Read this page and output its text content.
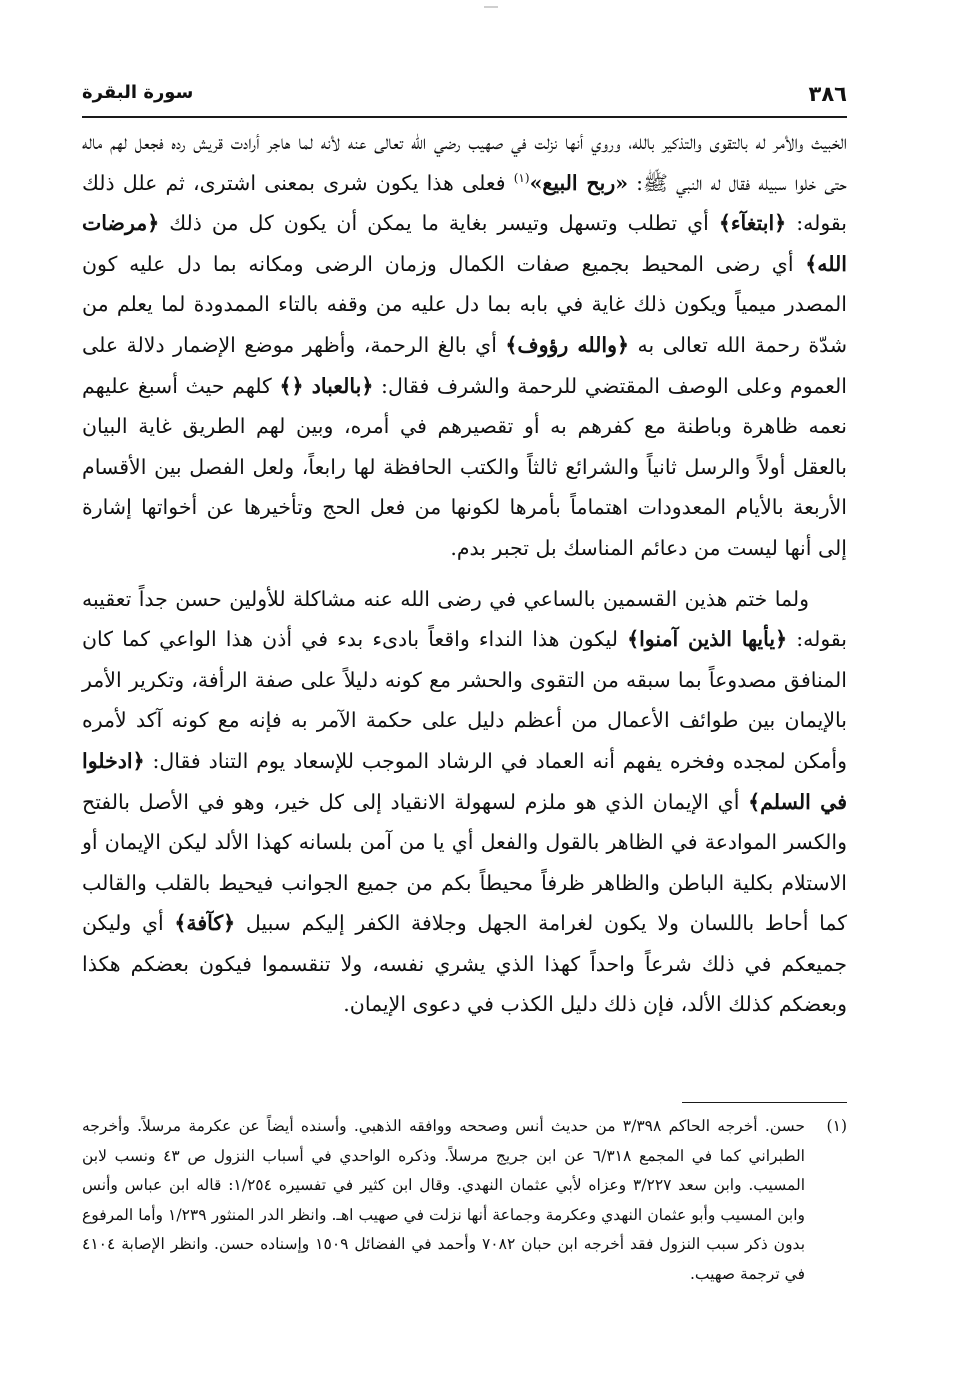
٣٨٦
سورة البقرة

الخبيث والأمر له بالتقوى والتذكير بالله، وروي أنها نزلت في صهيب رضي الله تعالى عنه لأنه لما هاجر أرادت قريش رده فجعل لهم ماله حتى خلوا سبيله فقال له النبي ﷺ: «ربح البيع»$^{(١)}$ فعلى هذا يكون شرى بمعنى اشترى، ثم علل ذلك بقوله: ﴿ابتغآء﴾ أي تطلب وتسهل وتيسر بغاية ما يمكن أن يكون كل من ذلك ﴿مرضات الله﴾ أي رضى المحيط بجميع صفات الكمال وزمان الرضى ومكانه بما دل عليه كون المصدر ميمياً ويكون ذلك غاية في بابه بما دل عليه من وقفه بالتاء الممدودة لما يعلم من شدّة رحمة الله تعالى به ﴿والله رؤوف﴾ أي بالغ الرحمة، وأظهر موضع الإضمار دلالة على العموم وعلى الوصف المقتضي للرحمة والشرف فقال: ﴿بالعباد ﴿﴾ كلهم حيث أسبغ عليهم نعمه ظاهرة وباطنة مع كفرهم به أو تقصيرهم في أمره، وبين لهم الطريق غاية البيان بالعقل أولاً والرسل ثانياً والشرائع ثالثاً والكتب الحافظة لها رابعاً، ولعل الفصل بين الأقسام الأربعة بالأيام المعدودات اهتماماً بأمرها لكونها من فعل الحج وتأخيرها عن أخواتها إشارة إلى أنها ليست من دعائم المناسك بل تجبر بدم.

ولما ختم هذين القسمين بالساعي في رضى الله عنه مشاكلة للأولين حسن جداً تعقيبه بقوله: ﴿يأيها الذين آمنوا﴾ ليكون هذا النداء واقعاً بادىء بدء في أذن هذا الواعي كما كان المنافق مصدوعاً بما سبقه من التقوى والحشر مع كونه دليلاً على صفة الرأفة، وتكرير الأمر بالإيمان بين طوائف الأعمال من أعظم دليل على حكمة الآمر به فإنه مع كونه آكد لأمره وأمكن لمجده وفخره يفهم أنه العماد في الرشاد الموجب للإسعاد يوم التناد فقال: ﴿ادخلوا في السلم﴾ أي الإيمان الذي هو ملزم لسهولة الانقياد إلى كل خير، وهو في الأصل بالفتح والكسر الموادعة في الظاهر بالقول والفعل أي يا من آمن بلسانه كهذا الألد ليكن الإيمان أو الاستلام بكلية الباطن والظاهر ظرفاً محيطاً بكم من جميع الجوانب فيحيط بالقلب والقالب كما أحاط باللسان ولا يكون لغرامة الجهل وجلافة الكفر إليكم سبيل ﴿كآفة﴾ أي وليكن جميعكم في ذلك شرعاً واحداً كهذا الذي يشري نفسه، ولا تنقسموا فيكون بعضكم هكذا وبعضكم كذلك الألد، فإن ذلك دليل الكذب في دعوى الإيمان.

(١)
حسن. أخرجه الحاكم ٣/٣٩٨ من حديث أنس وصححه ووافقه الذهبي. وأسنده أيضاً عن عكرمة مرسلاً. وأخرجه الطبراني كما في المجمع ٦/٣١٨ عن ابن جريج مرسلاً. وذكره الواحدي في أسباب النزول ص ٤٣ ونسب لابن المسيب. وابن سعد ٣/٢٢٧ وعزاه لأبي عثمان النهدي. وقال ابن كثير في تفسيره ١/٢٥٤: قاله ابن عباس وأنس وابن المسيب وأبو عثمان النهدي وعكرمة وجماعة أنها نزلت في صهيب اهـ. وانظر الدر المنثور ١/٢٣٩ وأما المرفوع بدون ذكر سبب النزول فقد أخرجه ابن حبان ٧٠٨٢ وأحمد في الفضائل ١٥٠٩ وإسناده حسن. وانظر الإصابة ٤١٠٤ في ترجمة صهيب.
